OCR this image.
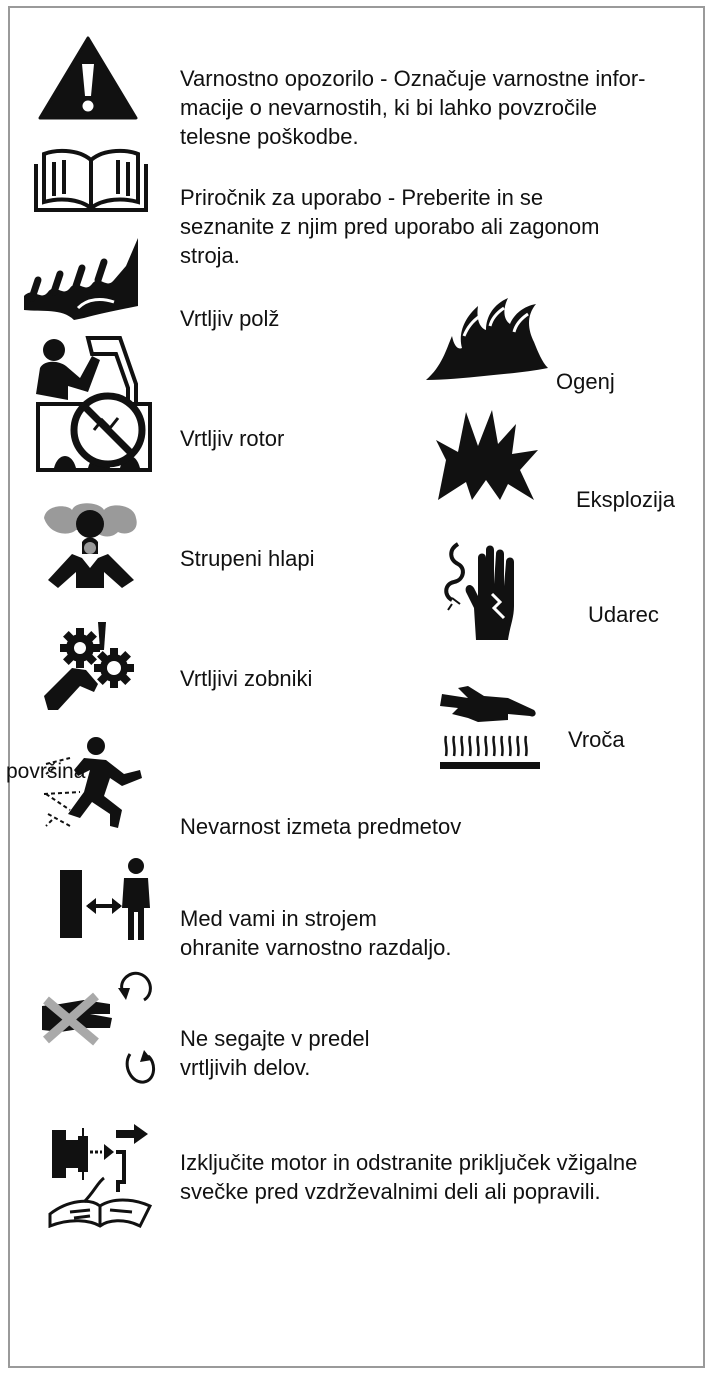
Varnostno opozorilo - Označuje varnostne infor-
macije o nevarnostih, ki bi lahko povzročile
telesne poškodbe.
Priročnik za uporabo - Preberite in se
seznanite z njim pred uporabo ali zagonom
stroja.
Vrtljiv polž
Vrtljiv rotor
Strupeni hlapi
Vrtljivi zobniki
površina
Nevarnost izmeta predmetov
Med vami in strojem
ohranite varnostno razdaljo.
Ne segajte v predel
vrtljivih delov.
Izključite motor in odstranite priključek vžigalne
svečke pred vzdrževalnimi deli ali popravili.
Ogenj
Eksplozija
Udarec
Vroča
